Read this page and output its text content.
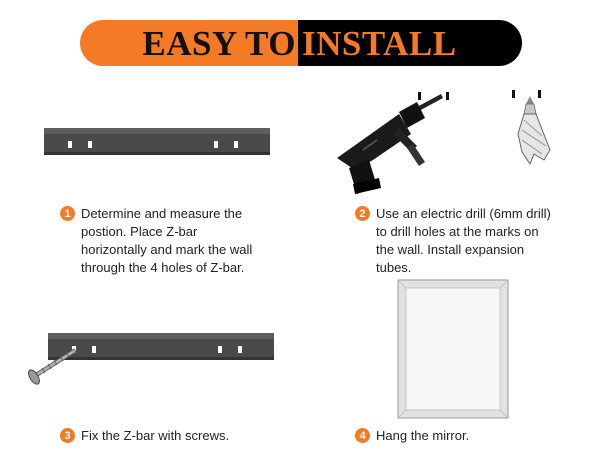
EASY TO INSTALL
1 Determine and measure the
postion. Place Z-bar
horizontally and mark the wall
through the 4 holes of Z-bar.
2 Use an electric drill (6mm drill)
to drill holes at the marks on
the wall. Install expansion
tubes.
3 Fix the Z-bar with screws.	4 Hang the mirror.
